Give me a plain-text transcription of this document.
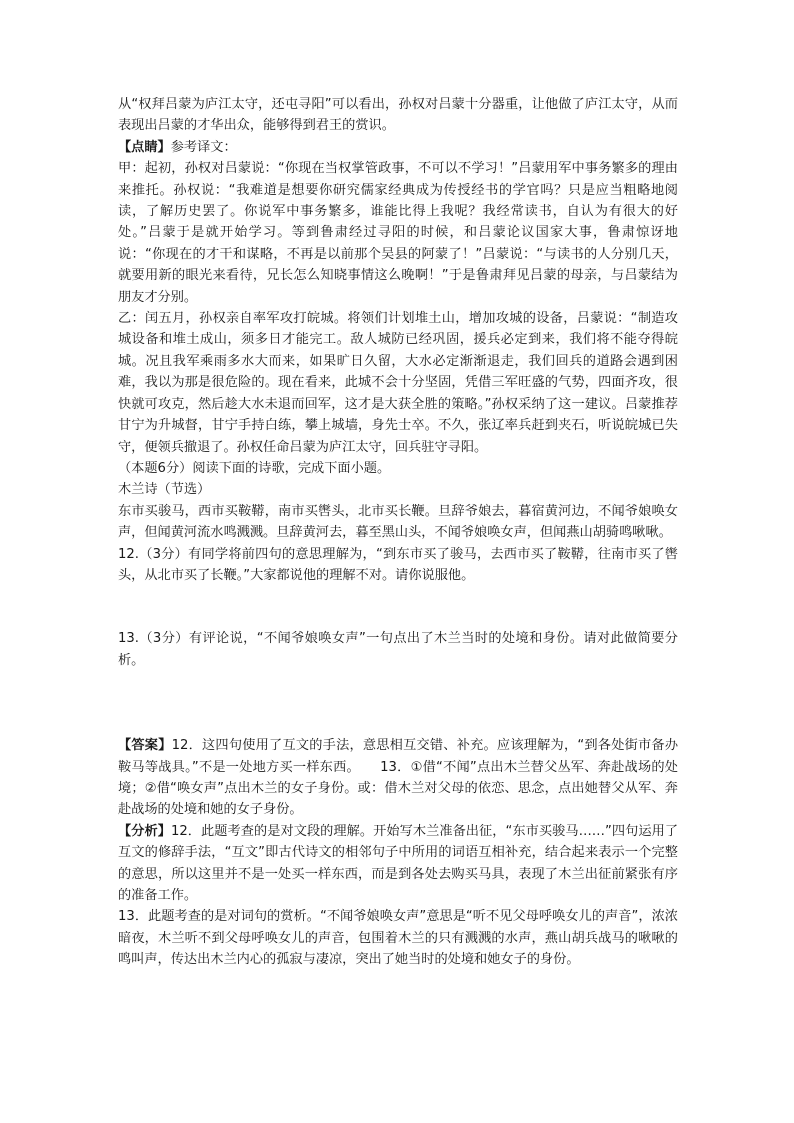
从“权拜吕蒙为庐江太守，还屯寻阳”可以看出，孙权对吕蒙十分器重，让他做了庐江太守，从而表现出吕蒙的才华出众，能够得到君王的赏识。

【点睛】参考译文：

甲：起初，孙权对吕蒙说：“你现在当权掌管政事，不可以不学习！”吕蒙用军中事务繁多的理由来推托。孙权说：“我难道是想要你研究儒家经典成为传授经书的学官吗？只是应当粗略地阅读，了解历史罢了。你说军中事务繁多，谁能比得上我呢？我经常读书，自认为有很大的好处。”吕蒙于是就开始学习。等到鲁肃经过寻阳的时候，和吕蒙论议国家大事，鲁肃惊讶地说：“你现在的才干和谋略，不再是以前那个吴县的阿蒙了！”吕蒙说：“与读书的人分别几天，就要用新的眼光来看待，兄长怎么知晓事情这么晚啊！”于是鲁肃拜见吕蒙的母亲，与吕蒙结为朋友才分别。

乙：闰五月，孙权亲自率军攻打皖城。将领们计划堆土山，增加攻城的设备，吕蒙说：“制造攻城设备和堆土成山，须多日才能完工。敌人城防已经巩固，援兵必定到来，我们将不能夺得皖城。况且我军乘雨多水大而来，如果旷日久留，大水必定渐渐退走，我们回兵的道路会遇到困难，我以为那是很危险的。现在看来，此城不会十分坚固，凭借三军旺盛的气势，四面齐攻，很快就可攻克，然后趁大水未退而回军，这才是大获全胜的策略。”孙权采纳了这一建议。吕蒙推荐甘宁为升城督，甘宁手持白练，攀上城墙，身先士卒。不久，张辽率兵赶到夹石，听说皖城已失守，便领兵撤退了。孙权任命吕蒙为庐江太守，回兵驻守寻阳。

（本题6分）阅读下面的诗歌，完成下面小题。

木兰诗（节选）

东市买骏马，西市买鞍鞯，南市买辔头，北市买长鞭。旦辞爷娘去，暮宿黄河边，不闻爷娘唤女声，但闻黄河流水鸣溅溅。旦辞黄河去，暮至黑山头，不闻爷娘唤女声，但闻燕山胡骑鸣啾啾。

12.（3分）有同学将前四句的意思理解为，“到东市买了骏马，去西市买了鞍鞯，往南市买了辔头，从北市买了长鞭。”大家都说他的理解不对。请你说服他。

13.（3分）有评论说，“不闻爷娘唤女声”一句点出了木兰当时的处境和身份。请对此做简要分析。

【答案】12．这四句使用了互文的手法，意思相互交错、补充。应该理解为，“到各处街市备办鞍马等战具。”不是一处地方买一样东西。　　13．①借“不闻”点出木兰替父丛军、奔赴战场的处境；②借“唤女声”点出木兰的女子身份。或：借木兰对父母的依恋、思念，点出她替父从军、奔赴战场的处境和她的女子身份。

【分析】12．此题考查的是对文段的理解。开始写木兰准备出征，“东市买骏马……”四句运用了互文的修辞手法，“互文”即古代诗文的相邻句子中所用的词语互相补充，结合起来表示一个完整的意思，所以这里并不是一处买一样东西，而是到各处去购买马具，表现了木兰出征前紧张有序的准备工作。

13．此题考查的是对词句的赏析。“不闻爷娘唤女声”意思是“听不见父母呼唤女儿的声音”，浓浓暗夜，木兰听不到父母呼唤女儿的声音，包围着木兰的只有溅溅的水声，燕山胡兵战马的啾啾的鸣叫声，传达出木兰内心的孤寂与凄凉，突出了她当时的处境和她女子的身份。
